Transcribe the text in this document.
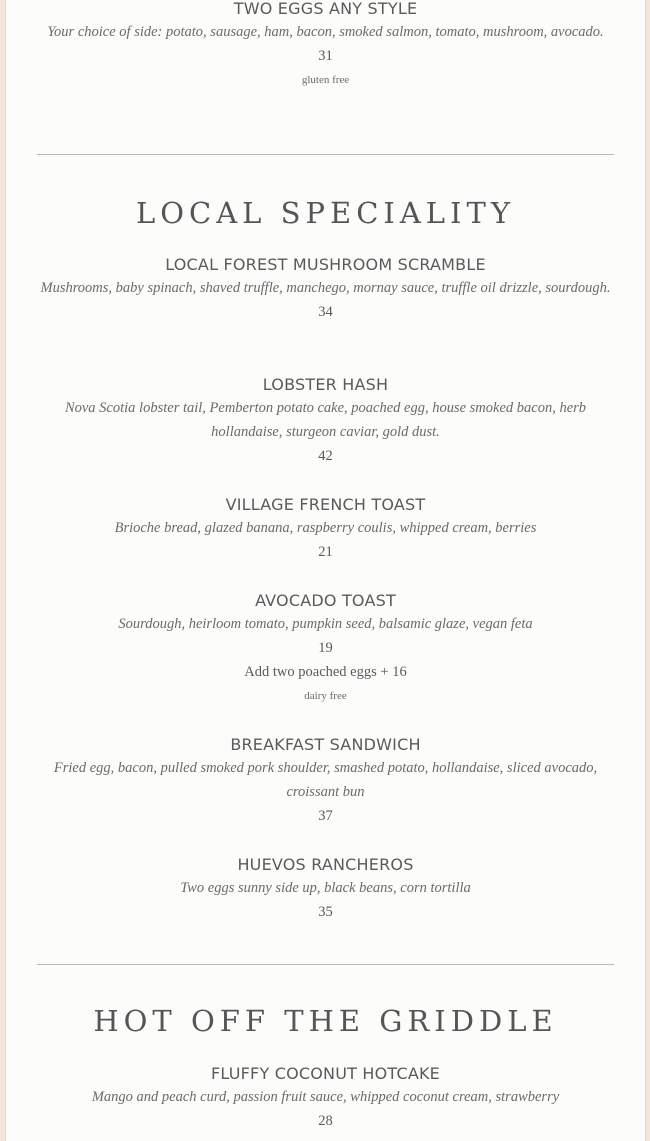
TWO EGGS ANY STYLE
Your choice of side: potato, sausage, ham, bacon, smoked salmon, tomato, mushroom, avocado.
31
gluten free
LOCAL SPECIALITY
LOCAL FOREST MUSHROOM SCRAMBLE
Mushrooms, baby spinach, shaved truffle, manchego, mornay sauce, truffle oil drizzle, sourdough.
34
LOBSTER HASH
Nova Scotia lobster tail, Pemberton potato cake, poached egg, house smoked bacon, herb hollandaise, sturgeon caviar, gold dust.
42
VILLAGE FRENCH TOAST
Brioche bread, glazed banana, raspberry coulis, whipped cream, berries
21
AVOCADO TOAST
Sourdough, heirloom tomato, pumpkin seed, balsamic glaze, vegan feta
19
Add two poached eggs + 16
dairy free
BREAKFAST SANDWICH
Fried egg, bacon, pulled smoked pork shoulder, smashed potato, hollandaise, sliced avocado, croissant bun
37
HUEVOS RANCHEROS
Two eggs sunny side up, black beans, corn tortilla
35
HOT OFF THE GRIDDLE
FLUFFY COCONUT HOTCAKE
Mango and peach curd, passion fruit sauce, whipped coconut cream, strawberry
28
